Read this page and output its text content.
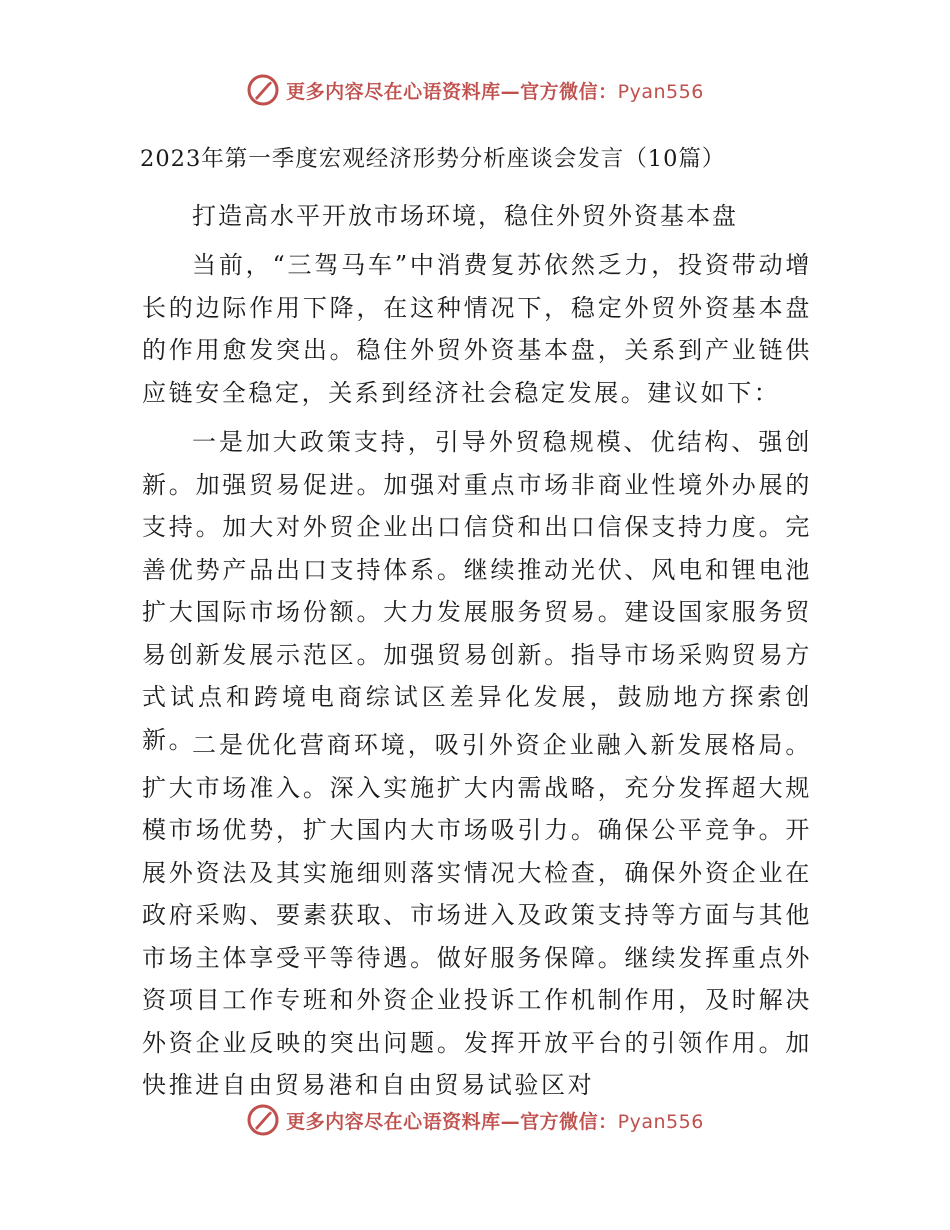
更多内容尽在心语资料库—官方微信：Pyan556
2023年第一季度宏观经济形势分析座谈会发言（10篇）
打造高水平开放市场环境，稳住外贸外资基本盘
当前，“三驾马车”中消费复苏依然乏力，投资带动增长的边际作用下降，在这种情况下，稳定外贸外资基本盘的作用愈发突出。稳住外贸外资基本盘，关系到产业链供应链安全稳定，关系到经济社会稳定发展。建议如下：
一是加大政策支持，引导外贸稳规模、优结构、强创新。加强贸易促进。加强对重点市场非商业性境外办展的支持。加大对外贸企业出口信贷和出口信保支持力度。完善优势产品出口支持体系。继续推动光伏、风电和锂电池扩大国际市场份额。大力发展服务贸易。建设国家服务贸易创新发展示范区。加强贸易创新。指导市场采购贸易方式试点和跨境电商综试区差异化发展，鼓励地方探索创新。
二是优化营商环境，吸引外资企业融入新发展格局。扩大市场准入。深入实施扩大内需战略，充分发挥超大规模市场优势，扩大国内大市场吸引力。确保公平竞争。开展外资法及其实施细则落实情况大检查，确保外资企业在政府采购、要素获取、市场进入及政策支持等方面与其他市场主体享受平等待遇。做好服务保障。继续发挥重点外资项目工作专班和外资企业投诉工作机制作用，及时解决外资企业反映的突出问题。发挥开放平台的引领作用。加快推进自由贸易港和自由贸易试验区对
更多内容尽在心语资料库—官方微信：Pyan556
